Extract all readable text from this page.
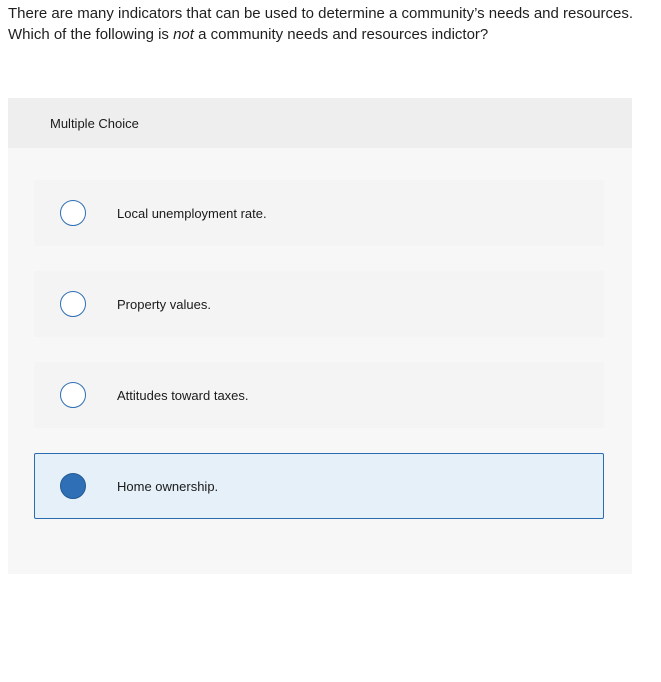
There are many indicators that can be used to determine a community’s needs and resources. Which of the following is not a community needs and resources indictor?
Multiple Choice
Local unemployment rate.
Property values.
Attitudes toward taxes.
Home ownership.
